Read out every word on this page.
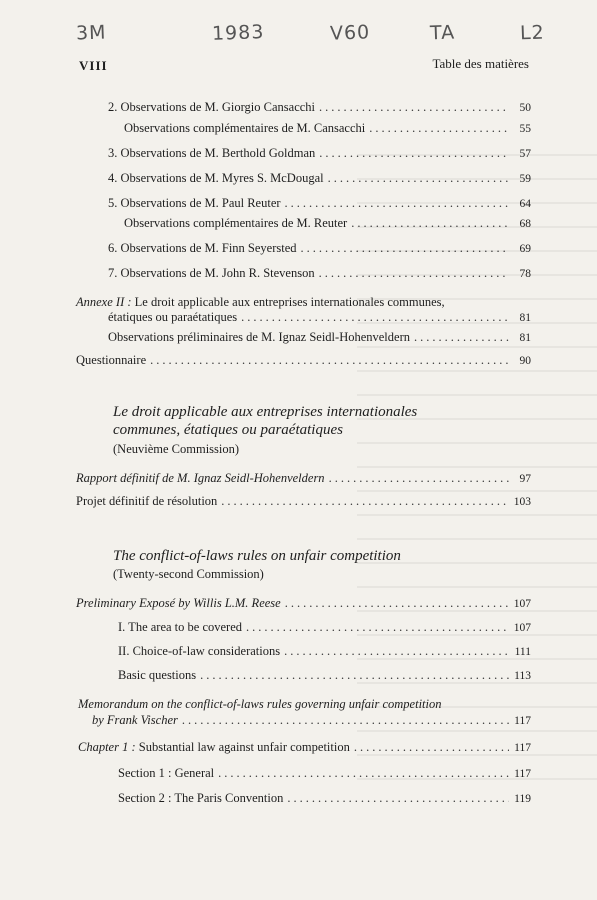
3M	1983	V60	TA	L2
VIII	Table des matières
2. Observations de M. Giorgio Cansacchi .....	50
Observations complémentaires de M. Cansacchi .....	55
3. Observations de M. Berthold Goldman .....	57
4. Observations de M. Myres S. McDougal .....	59
5. Observations de M. Paul Reuter .....	64
Observations complémentaires de M. Reuter .....	68
6. Observations de M. Finn Seyersted .....	69
7. Observations de M. John R. Stevenson .....	78
Annexe II : Le droit applicable aux entreprises internationales communes,
étatiques ou paraétatiques .....	81
Observations préliminaires de M. Ignaz Seidl-Hohenveldern .....	81
Questionnaire .....	90
Le droit applicable aux entreprises internationales
communes, étatiques ou paraétatiques
(Neuvième Commission)
Rapport définitif de M. Ignaz Seidl-Hohenveldern .....	97
Projet définitif de résolution .....	103
The conflict-of-laws rules on unfair competition
(Twenty-second Commission)
Preliminary Exposé by Willis L.M. Reese .....	107
I. The area to be covered .....	107
II. Choice-of-law considerations .....	111
Basic questions .....	113
Memorandum on the conflict-of-laws rules governing unfair competition
by Frank Vischer .....	117
Chapter 1 : Substantial law against unfair competition .....	117
Section 1 : General .....	117
Section 2 : The Paris Convention .....	119
